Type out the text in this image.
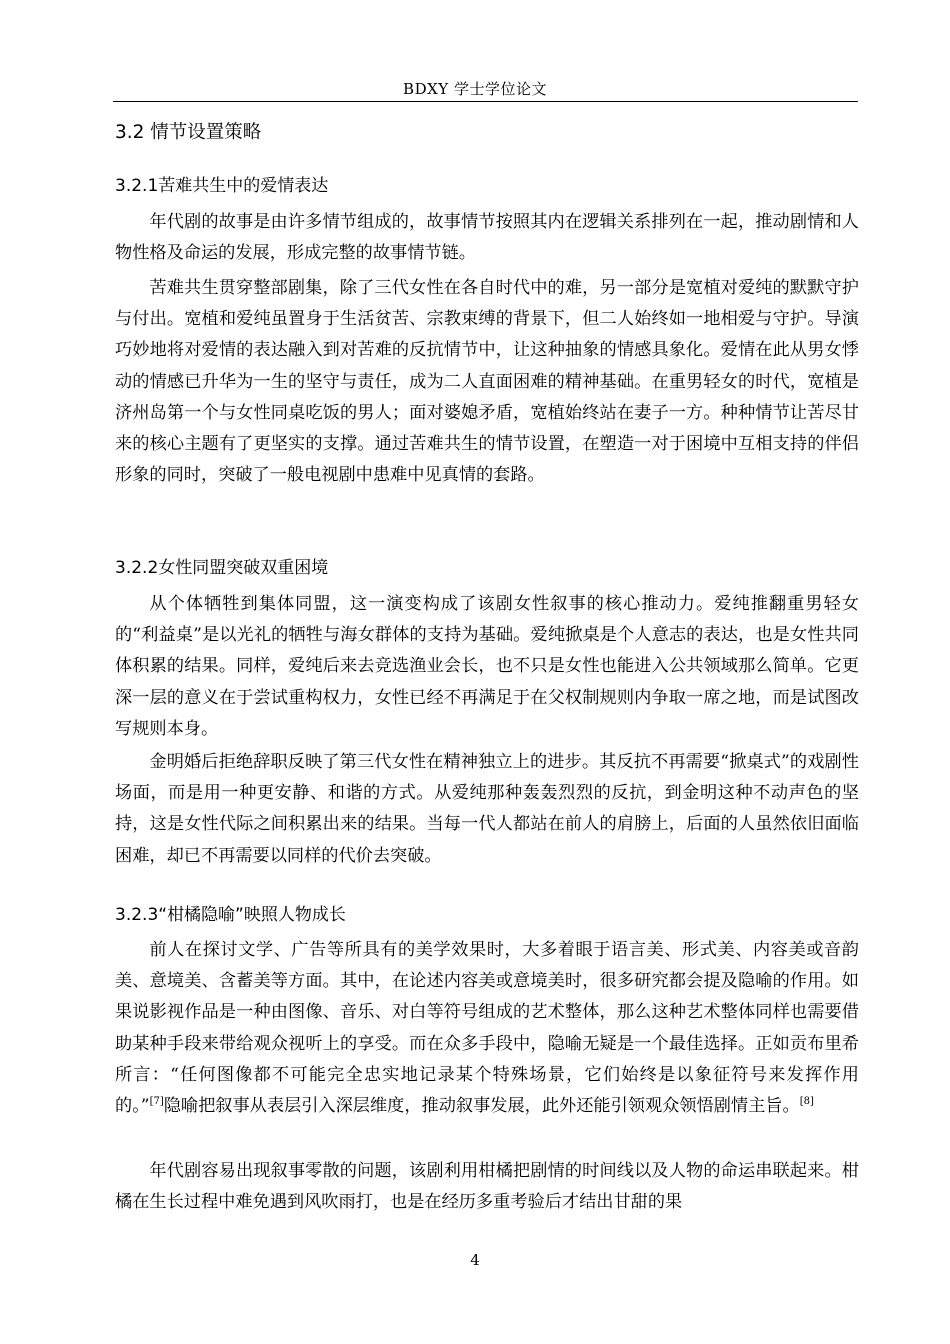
BDXY 学士学位论文
3.2 情节设置策略
3.2.1苦难共生中的爱情表达

年代剧的故事是由许多情节组成的，故事情节按照其内在逻辑关系排列在一起，推动剧情和人物性格及命运的发展，形成完整的故事情节链。

苦难共生贯穿整部剧集，除了三代女性在各自时代中的难，另一部分是宽植对爱纯的默默守护与付出。宽植和爱纯虽置身于生活贫苦、宗教束缚的背景下，但二人始终如一地相爱与守护。导演巧妙地将对爱情的表达融入到对苦难的反抗情节中，让这种抽象的情感具象化。爱情在此从男女悸动的情感已升华为一生的坚守与责任，成为二人直面困难的精神基础。在重男轻女的时代，宽植是济州岛第一个与女性同桌吃饭的男人；面对婆媳矛盾，宽植始终站在妻子一方。种种情节让苦尽甘来的核心主题有了更坚实的支撑。通过苦难共生的情节设置，在塑造一对于困境中互相支持的伴侣形象的同时，突破了一般电视剧中患难中见真情的套路。

3.2.2女性同盟突破双重困境

从个体牺牲到集体同盟，这一演变构成了该剧女性叙事的核心推动力。爱纯推翻重男轻女的“利益桌”是以光礼的牺牲与海女群体的支持为基础。爱纯掀桌是个人意志的表达，也是女性共同体积累的结果。同样，爱纯后来去竞选渔业会长，也不只是女性也能进入公共领域那么简单。它更深一层的意义在于尝试重构权力，女性已经不再满足于在父权制规则内争取一席之地，而是试图改写规则本身。

金明婚后拒绝辞职反映了第三代女性在精神独立上的进步。其反抗不再需要“掀桌式”的戏剧性场面，而是用一种更安静、和谐的方式。从爱纯那种轰轰烈烈的反抗，到金明这种不动声色的坚持，这是女性代际之间积累出来的结果。当每一代人都站在前人的肩膀上，后面的人虽然依旧面临困难，却已不再需要以同样的代价去突破。

3.2.3“柑橘隐喻”映照人物成长

前人在探讨文学、广告等所具有的美学效果时，大多着眼于语言美、形式美、内容美或音韵美、意境美、含蓄美等方面。其中，在论述内容美或意境美时，很多研究都会提及隐喻的作用。如果说影视作品是一种由图像、音乐、对白等符号组成的艺术整体，那么这种艺术整体同样也需要借助某种手段来带给观众视听上的享受。而在众多手段中，隐喻无疑是一个最佳选择。正如贡布里希所言：“任何图像都不可能完全忠实地记录某个特殊场景，它们始终是以象征符号来发挥作用的。”[7]隐喻把叙事从表层引入深层维度，推动叙事发展，此外还能引领观众领悟剧情主旨。[8]

年代剧容易出现叙事零散的问题，该剧利用柑橘把剧情的时间线以及人物的命运串联起来。柑橘在生长过程中难免遇到风吹雨打，也是在经历多重考验后才结出甘甜的果

4
